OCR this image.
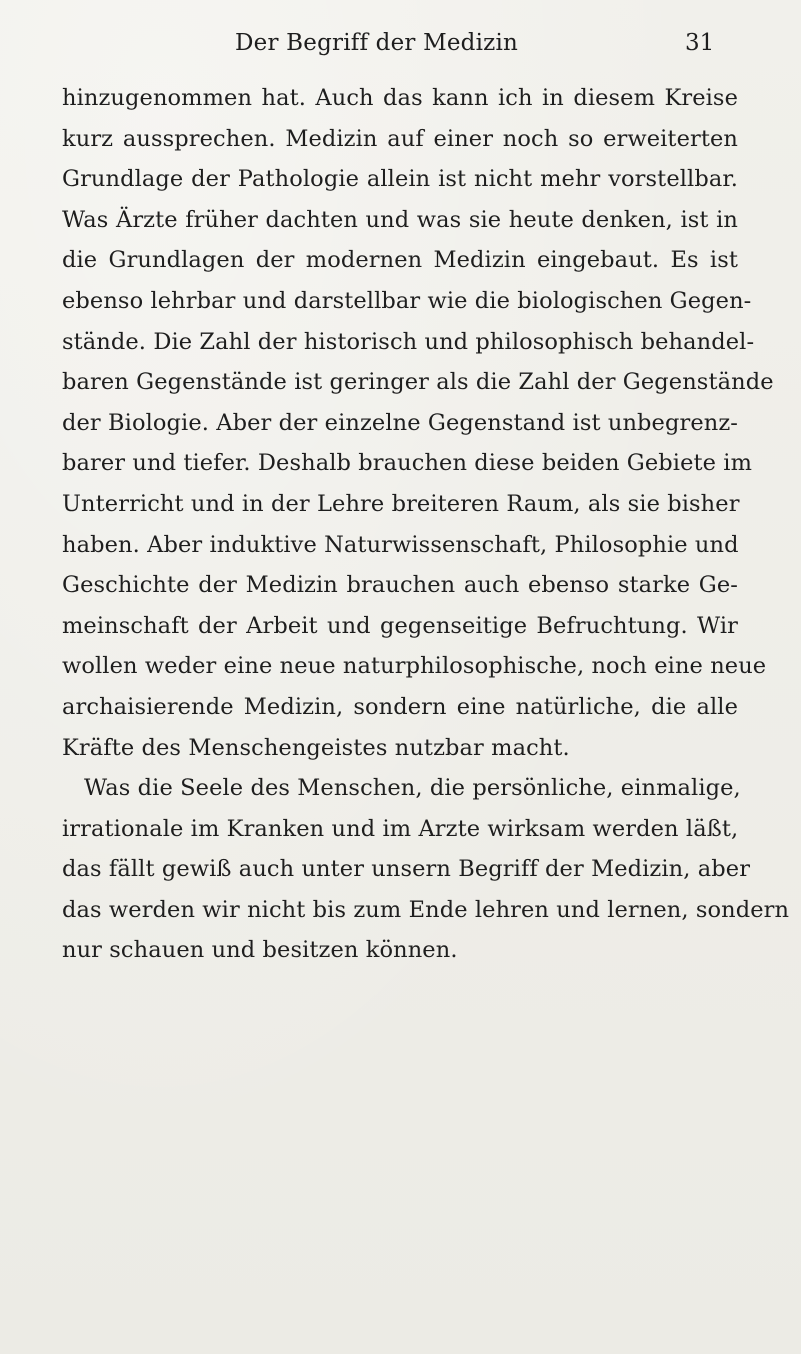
Der Begriff der Medizin	31
hinzugenommen hat. Auch das kann ich in diesem Kreise
kurz aussprechen. Medizin auf einer noch so erweiterten
Grundlage der Pathologie allein ist nicht mehr vorstellbar.
Was Ärzte früher dachten und was sie heute denken, ist in
die Grundlagen der modernen Medizin eingebaut. Es ist
ebenso lehrbar und darstellbar wie die biologischen Gegen-
stände. Die Zahl der historisch und philosophisch behandel-
baren Gegenstände ist geringer als die Zahl der Gegenstände
der Biologie. Aber der einzelne Gegenstand ist unbegrenz-
barer und tiefer. Deshalb brauchen diese beiden Gebiete im
Unterricht und in der Lehre breiteren Raum, als sie bisher
haben. Aber induktive Naturwissenschaft, Philosophie und
Geschichte der Medizin brauchen auch ebenso starke Ge-
meinschaft der Arbeit und gegenseitige Befruchtung. Wir
wollen weder eine neue naturphilosophische, noch eine neue
archaisierende Medizin, sondern eine natürliche, die alle
Kräfte des Menschengeistes nutzbar macht.
Was die Seele des Menschen, die persönliche, einmalige,
irrationale im Kranken und im Arzte wirksam werden läßt,
das fällt gewiß auch unter unsern Begriff der Medizin, aber
das werden wir nicht bis zum Ende lehren und lernen, sondern
nur schauen und besitzen können.
